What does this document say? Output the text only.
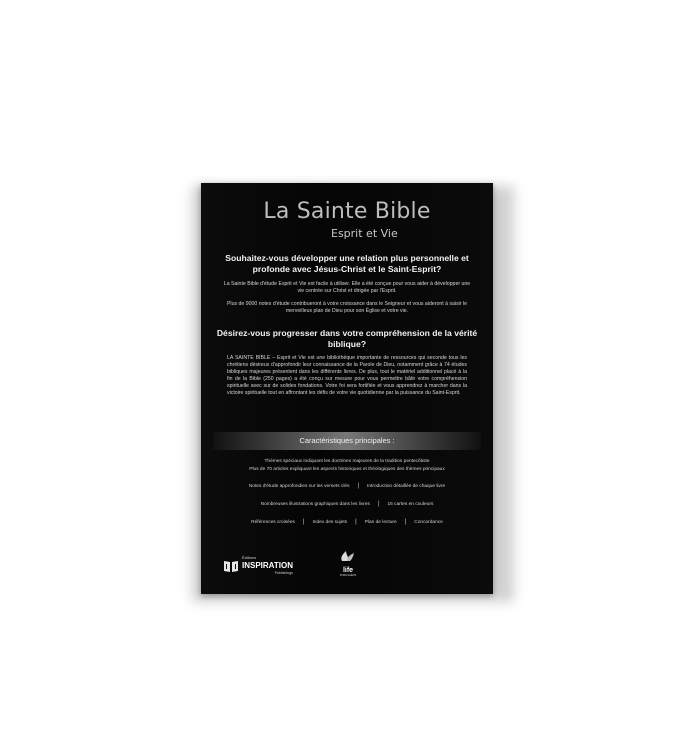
La Sainte Bible
Esprit et Vie
Souhaitez-vous développer une relation plus personnelle et profonde avec Jésus-Christ et le Saint-Esprit?
La Sainte Bible d'étude Esprit et Vie est facile à utiliser. Elle a été conçue pour vous aider à développer une vie centrée sur Christ et dirigée par l'Esprit.
Plus de 9000 notes d'étude contribueront à votre croissance dans le Seigneur et vous aideront à saisir le merveilleux plan de Dieu pour son Église et votre vie.
Désirez-vous progresser dans votre compréhension de la vérité biblique?
LA SAINTE BIBLE – Esprit et Vie est une bibliothèque importante de ressources qui seconde tous les chrétiens désireux d'approfondir leur connaissance de la Parole de Dieu, notamment grâce à 74 études bibliques majeures présentent dans les différents livres. De plus, tout le matériel additionnel placé à la fin de la Bible (250 pages) a été conçu sur mesure pour vous permettre bâtir votre compréhension spirituelle avec sur de solides fondations. Votre foi sera fortifiée et vous apprendrez à marcher dans la victoire spirituelle tout en affrontant les défis de votre vie quotidienne par la puissance du Saint-Esprit.
Caractéristiques principales :
Thèmes spéciaux indiquant les doctrines majeures de la tradition pentecôtiste
Plus de 70 articles expliquant les aspects historiques et théologiques des thèmes principaux
Notes d'étude approfondies sur les versets clés | Introduction détaillée de chaque livre
Nombreuses illustrations graphiques dans les livres | 16 cartes en couleurs
Références croisées | Index des sujets | Plan de lecture | Concordance
Éditions
INSPIRATION
Publishings	life
PUBLISHERS
